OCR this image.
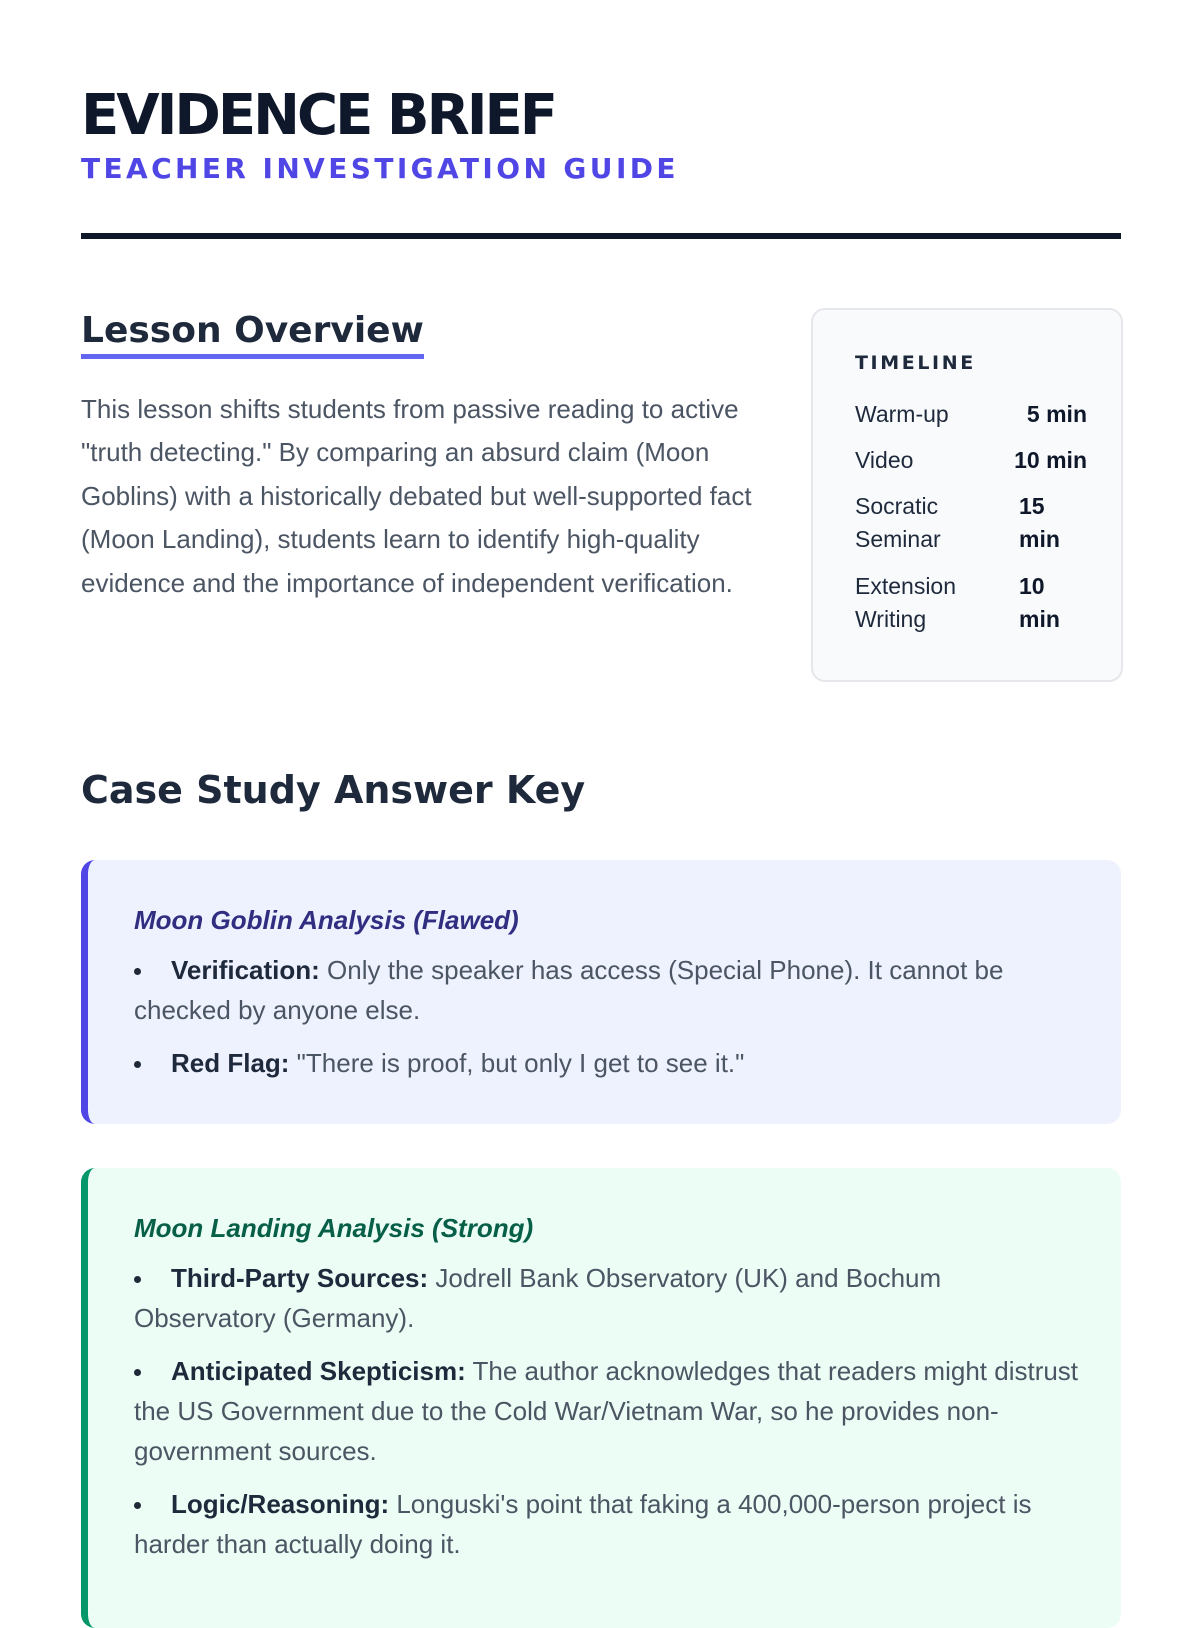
EVIDENCE BRIEF
TEACHER INVESTIGATION GUIDE
Lesson Overview

This lesson shifts students from passive reading to active "truth detecting." By comparing an absurd claim (Moon Goblins) with a historically debated but well-supported fact (Moon Landing), students learn to identify high-quality evidence and the importance of independent verification.

TIMELINE
Warm-up	5 min
Video	10 min
Socratic Seminar
15 min
Extension Writing
10 min
Case Study Answer Key
Moon Goblin Analysis (Flawed)
Verification: Only the speaker has access (Special Phone). It cannot be checked by anyone else.
Red Flag: "There is proof, but only I get to see it."
Moon Landing Analysis (Strong)
Third-Party Sources: Jodrell Bank Observatory (UK) and Bochum Observatory (Germany).
Anticipated Skepticism: The author acknowledges that readers might distrust the US Government due to the Cold War/Vietnam War, so he provides non-government sources.
Logic/Reasoning: Longuski's point that faking a 400,000-person project is harder than actually doing it.
